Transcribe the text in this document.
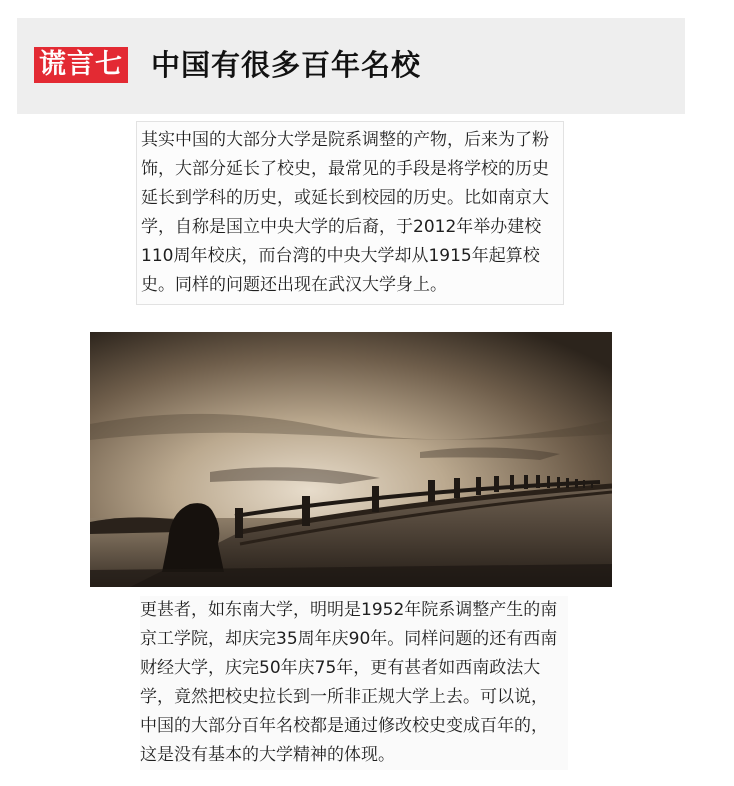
谎言七 中国有很多百年名校

其实中国的大部分大学是院系调整的产物，后来为了粉饰，大部分延长了校史，最常见的手段是将学校的历史延长到学科的历史，或延长到校园的历史。比如南京大学，自称是国立中央大学的后裔，于2012年举办建校110周年校庆，而台湾的中央大学却从1915年起算校史。同样的问题还出现在武汉大学身上。

更甚者，如东南大学，明明是1952年院系调整产生的南京工学院，却庆完35周年庆90年。同样问题的还有西南财经大学，庆完50年庆75年，更有甚者如西南政法大学，竟然把校史拉长到一所非正规大学上去。可以说，中国的大部分百年名校都是通过修改校史变成百年的，这是没有基本的大学精神的体现。
